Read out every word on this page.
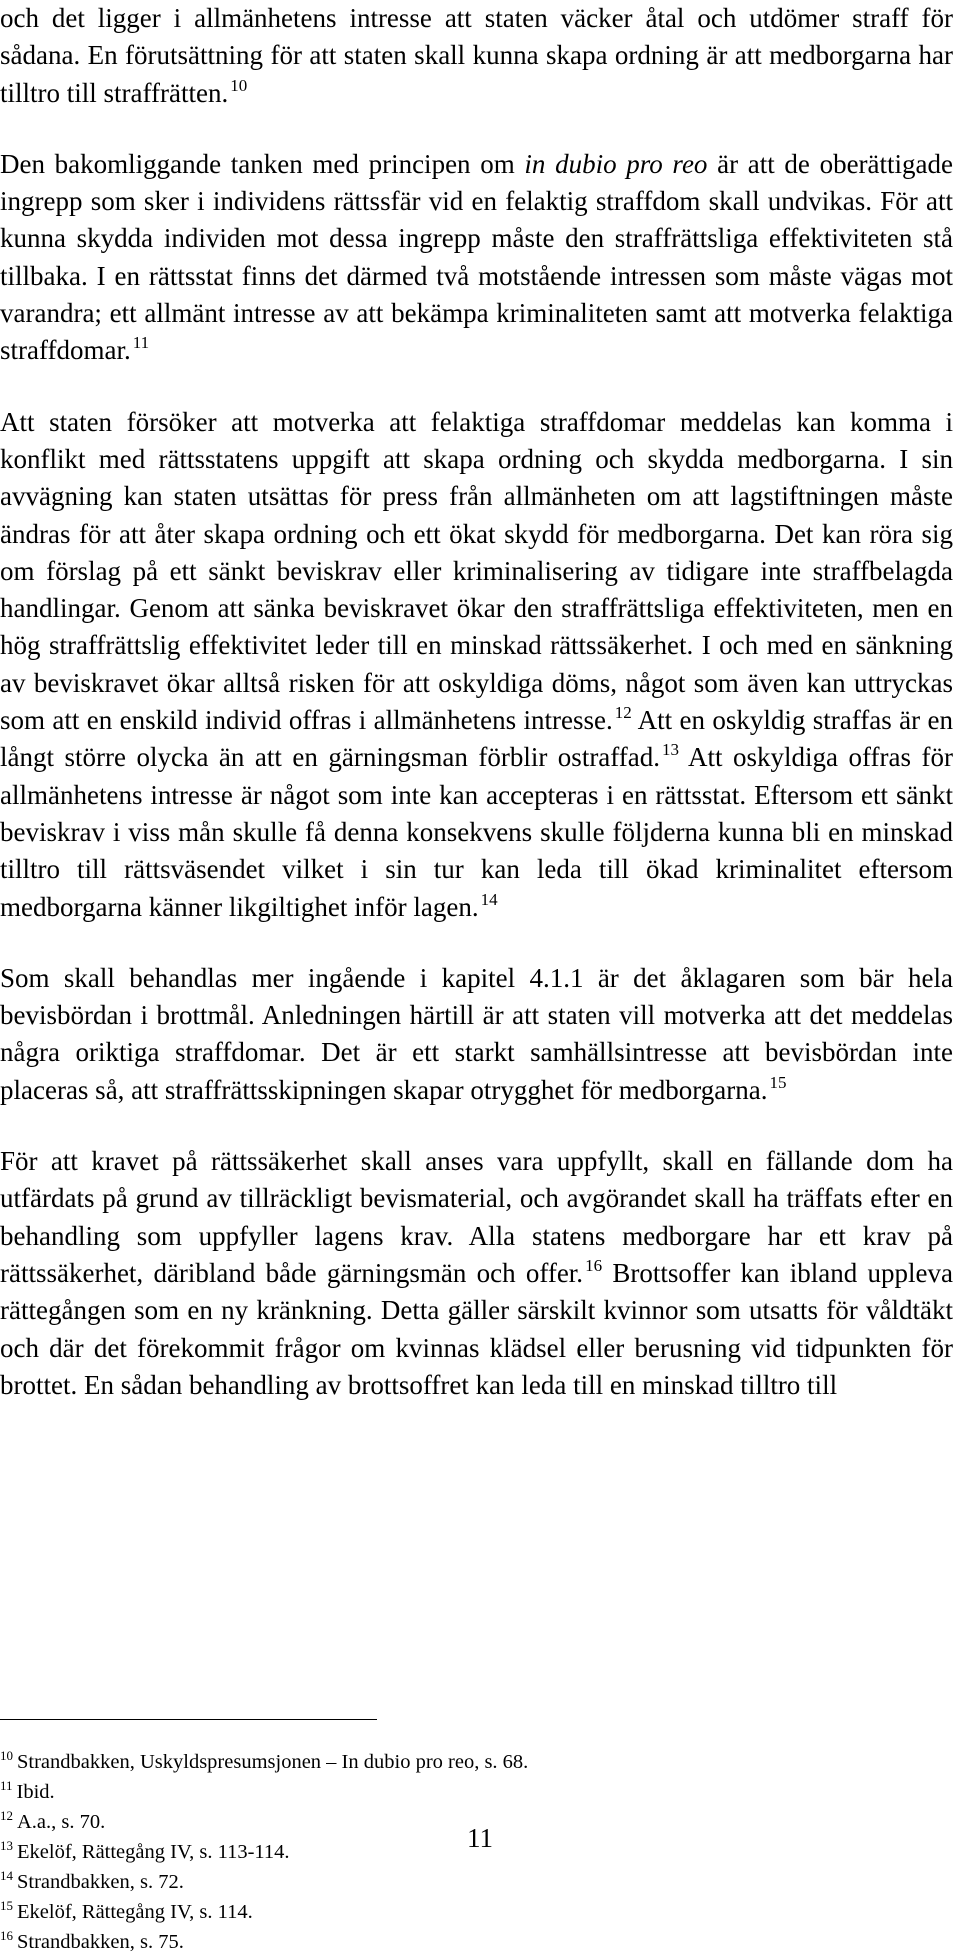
och det ligger i allmänhetens intresse att staten väcker åtal och utdömer straff för sådana. En förutsättning för att staten skall kunna skapa ordning är att medborgarna har tilltro till straffrätten. $^{10}$

Den bakomliggande tanken med principen om in dubio pro reo är att de oberättigade ingrepp som sker i individens rättssfär vid en felaktig straffdom skall undvikas. För att kunna skydda individen mot dessa ingrepp måste den straffrättsliga effektiviteten stå tillbaka. I en rättsstat finns det därmed två motstående intressen som måste vägas mot varandra; ett allmänt intresse av att bekämpa kriminaliteten samt att motverka felaktiga straffdomar. $^{11}$

Att staten försöker att motverka att felaktiga straffdomar meddelas kan komma i konflikt med rättsstatens uppgift att skapa ordning och skydda medborgarna. I sin avvägning kan staten utsättas för press från allmänheten om att lagstiftningen måste ändras för att åter skapa ordning och ett ökat skydd för medborgarna. Det kan röra sig om förslag på ett sänkt beviskrav eller kriminalisering av tidigare inte straffbelagda handlingar. Genom att sänka beviskravet ökar den straffrättsliga effektiviteten, men en hög straffrättslig effektivitet leder till en minskad rättssäkerhet. I och med en sänkning av beviskravet ökar alltså risken för att oskyldiga döms, något som även kan uttryckas som att en enskild individ offras i allmänhetens intresse. $^{12}$ Att en oskyldig straffas är en långt större olycka än att en gärningsman förblir ostraffad. $^{13}$ Att oskyldiga offras för allmänhetens intresse är något som inte kan accepteras i en rättsstat. Eftersom ett sänkt beviskrav i viss mån skulle få denna konsekvens skulle följderna kunna bli en minskad tilltro till rättsväsendet vilket i sin tur kan leda till ökad kriminalitet eftersom medborgarna känner likgiltighet inför lagen. $^{14}$

Som skall behandlas mer ingående i kapitel 4.1.1 är det åklagaren som bär hela bevisbördan i brottmål. Anledningen härtill är att staten vill motverka att det meddelas några oriktiga straffdomar. Det är ett starkt samhällsintresse att bevisbördan inte placeras så, att straffrättsskipningen skapar otrygghet för medborgarna. $^{15}$

För att kravet på rättssäkerhet skall anses vara uppfyllt, skall en fällande dom ha utfärdats på grund av tillräckligt bevismaterial, och avgörandet skall ha träffats efter en behandling som uppfyller lagens krav. Alla statens medborgare har ett krav på rättssäkerhet, däribland både gärningsmän och offer. $^{16}$ Brottsoffer kan ibland uppleva rättegången som en ny kränkning. Detta gäller särskilt kvinnor som utsatts för våldtäkt och där det förekommit frågor om kvinnas klädsel eller berusning vid tidpunkten för brottet. En sådan behandling av brottsoffret kan leda till en minskad tilltro till

$^{10}$ Strandbakken, Uskyldspresumsjonen – In dubio pro reo, s. 68.
$^{11}$ Ibid.
$^{12}$ A.a., s. 70.
$^{13}$ Ekelöf, Rättegång IV, s. 113-114.
$^{14}$ Strandbakken, s. 72.
$^{15}$ Ekelöf, Rättegång IV, s. 114.
$^{16}$ Strandbakken, s. 75.
11
